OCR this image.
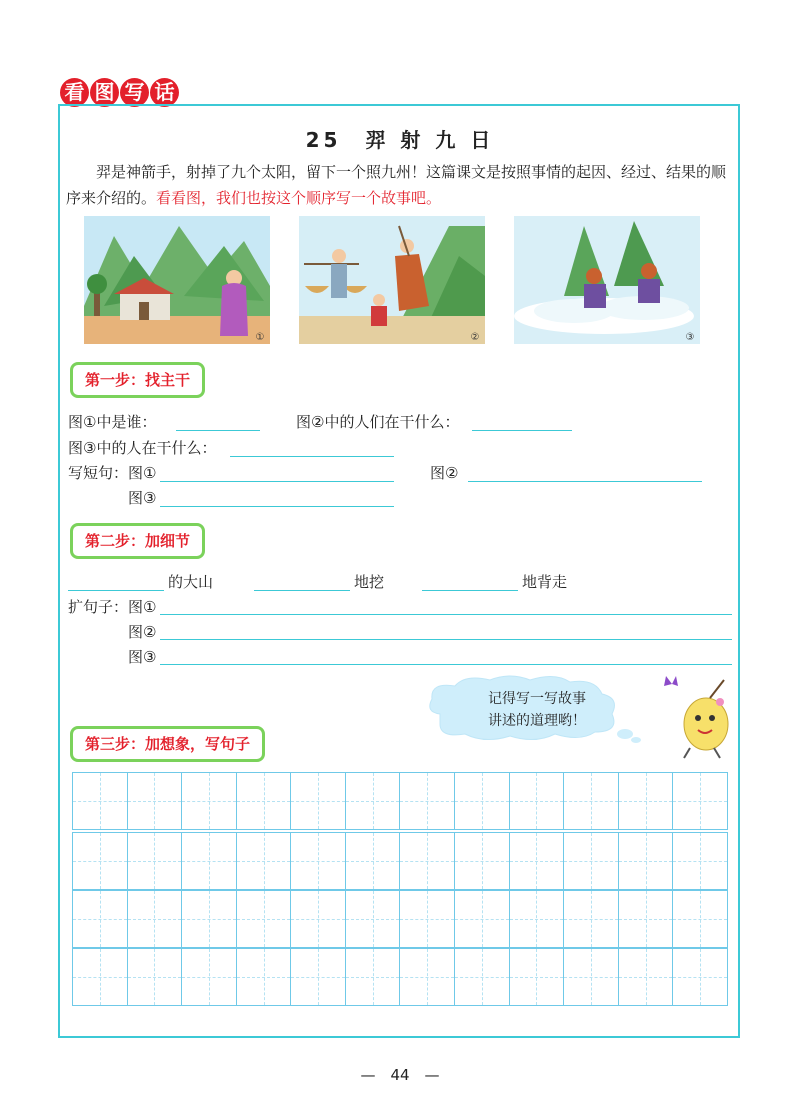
看 图 写 话
25　羿 射 九 日
羿是神箭手，射掉了九个太阳，留下一个照九州！这篇课文是按照事情的起因、经过、结果的顺序来介绍的。看看图，我们也按这个顺序写一个故事吧。
①	②	③
第一步：找主干
图①中是谁：	图②中的人们在干什么：
图③中的人在干什么：
写短句：图①	图②
图③
第二步：加细节
的大山	地挖	地背走
扩句子：图①
图②
图③
记得写一写故事
讲述的道理哟！
第三步：加想象，写句子
—　44　—
